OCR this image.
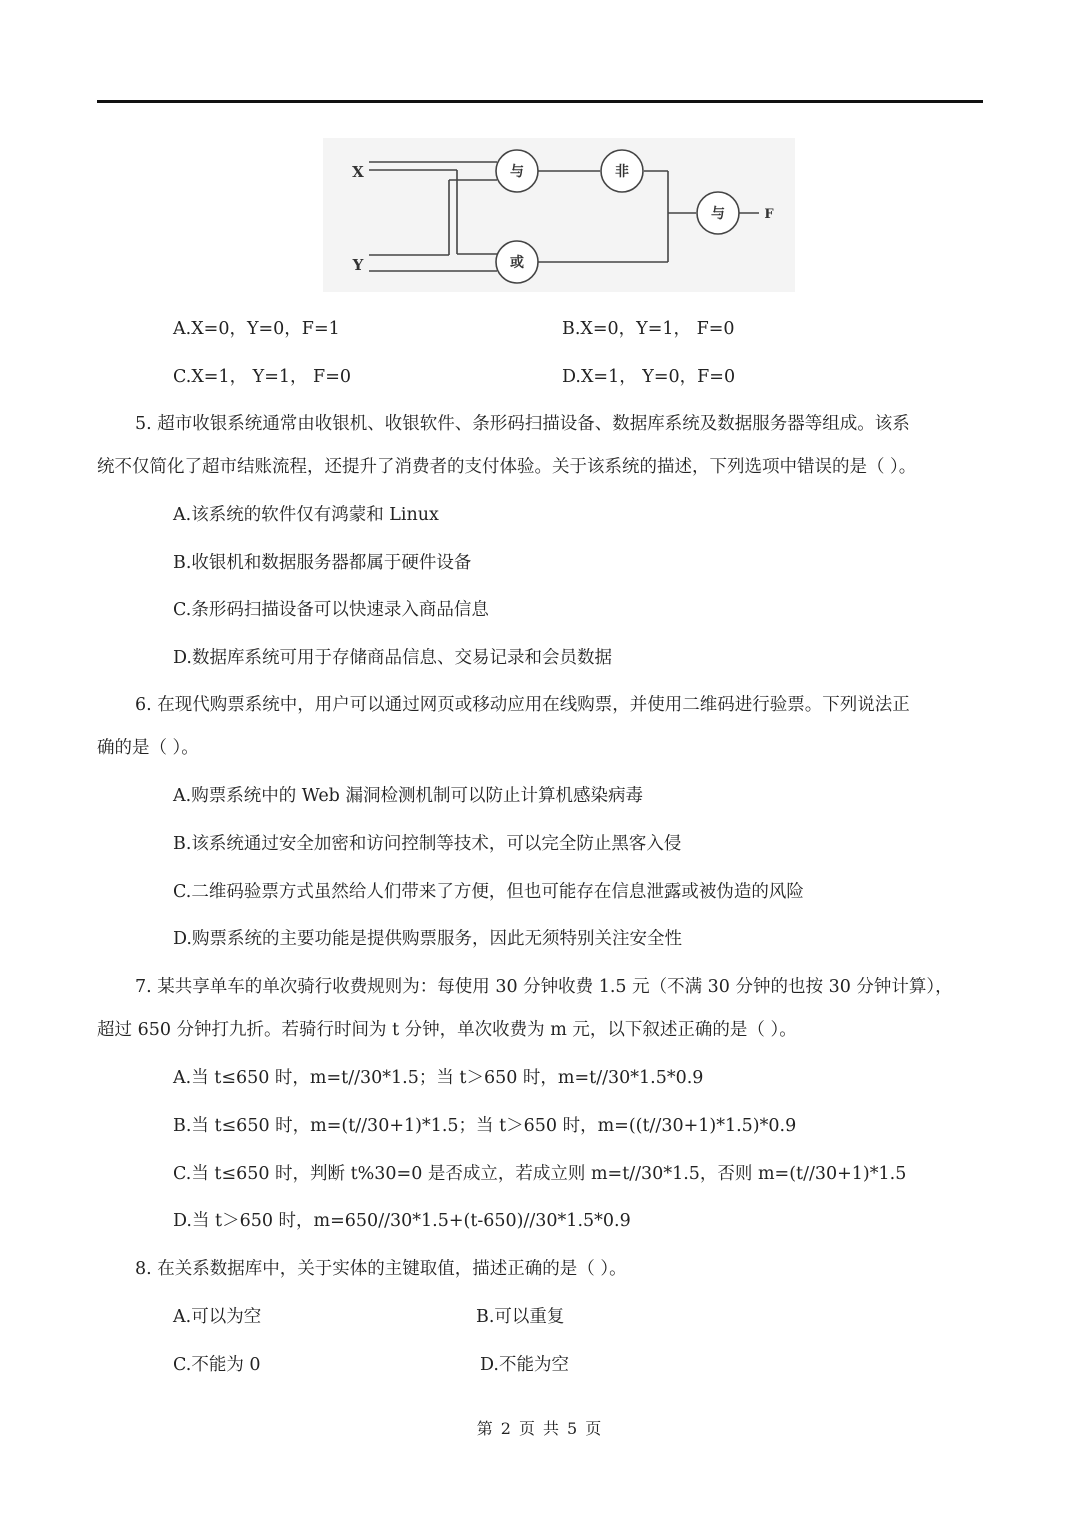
X
Y
F
与
或
非
与
A.X=0，Y=0，F=1	B.X=0，Y=1， F=0
C.X=1， Y=1， F=0	D.X=1， Y=0，F=0
5. 超市收银系统通常由收银机、收银软件、条形码扫描设备、数据库系统及数据服务器等组成。该系
统不仅简化了超市结账流程，还提升了消费者的支付体验。关于该系统的描述，下列选项中错误的是（ ）。
A.该系统的软件仅有鸿蒙和 Linux
B.收银机和数据服务器都属于硬件设备
C.条形码扫描设备可以快速录入商品信息
D.数据库系统可用于存储商品信息、交易记录和会员数据
6. 在现代购票系统中，用户可以通过网页或移动应用在线购票，并使用二维码进行验票。下列说法正
确的是（ ）。
A.购票系统中的 Web 漏洞检测机制可以防止计算机感染病毒
B.该系统通过安全加密和访问控制等技术，可以完全防止黑客入侵
C.二维码验票方式虽然给人们带来了方便，但也可能存在信息泄露或被伪造的风险
D.购票系统的主要功能是提供购票服务，因此无须特别关注安全性
7. 某共享单车的单次骑行收费规则为：每使用 30 分钟收费 1.5 元（不满 30 分钟的也按 30 分钟计算），
超过 650 分钟打九折。若骑行时间为 t 分钟，单次收费为 m 元，以下叙述正确的是（ ）。
A.当 t≤650 时，m=t//30*1.5；当 t＞650 时，m=t//30*1.5*0.9
B.当 t≤650 时，m=(t//30+1)*1.5；当 t＞650 时，m=((t//30+1)*1.5)*0.9
C.当 t≤650 时，判断 t%30=0 是否成立，若成立则 m=t//30*1.5，否则 m=(t//30+1)*1.5
D.当 t＞650 时，m=650//30*1.5+(t-650)//30*1.5*0.9
8. 在关系数据库中，关于实体的主键取值，描述正确的是（ ）。
A.可以为空	B.可以重复
C.不能为 0	D.不能为空
第 2 页 共 5 页
